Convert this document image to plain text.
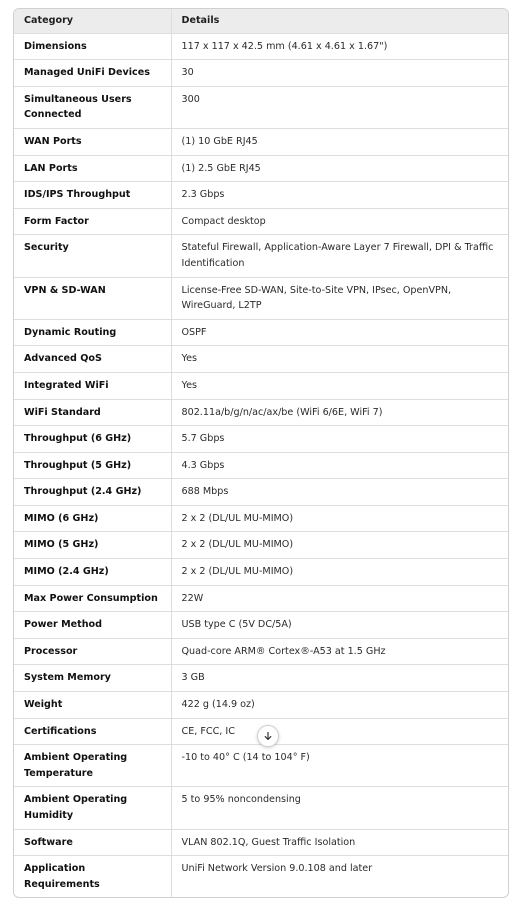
Category	Details
Dimensions	117 x 117 x 42.5 mm (4.61 x 4.61 x 1.67")
Managed UniFi Devices	30
Simultaneous Users Connected	300
WAN Ports	(1) 10 GbE RJ45
LAN Ports	(1) 2.5 GbE RJ45
IDS/IPS Throughput	2.3 Gbps
Form Factor	Compact desktop
Security	Stateful Firewall, Application-Aware Layer 7 Firewall, DPI & Traffic Identification
VPN & SD-WAN	License-Free SD-WAN, Site-to-Site VPN, IPsec, OpenVPN, WireGuard, L2TP
Dynamic Routing	OSPF
Advanced QoS	Yes
Integrated WiFi	Yes
WiFi Standard	802.11a/b/g/n/ac/ax/be (WiFi 6/6E, WiFi 7)
Throughput (6 GHz)	5.7 Gbps
Throughput (5 GHz)	4.3 Gbps
Throughput (2.4 GHz)	688 Mbps
MIMO (6 GHz)	2 x 2 (DL/UL MU-MIMO)
MIMO (5 GHz)	2 x 2 (DL/UL MU-MIMO)
MIMO (2.4 GHz)	2 x 2 (DL/UL MU-MIMO)
Max Power Consumption	22W
Power Method	USB type C (5V DC/5A)
Processor	Quad-core ARM® Cortex®-A53 at 1.5 GHz
System Memory	3 GB
Weight	422 g (14.9 oz)
Certifications	CE, FCC, IC
Ambient Operating Temperature	-10 to 40° C (14 to 104° F)
Ambient Operating Humidity	5 to 95% noncondensing
Software	VLAN 802.1Q, Guest Traffic Isolation
Application Requirements	UniFi Network Version 9.0.108 and later
